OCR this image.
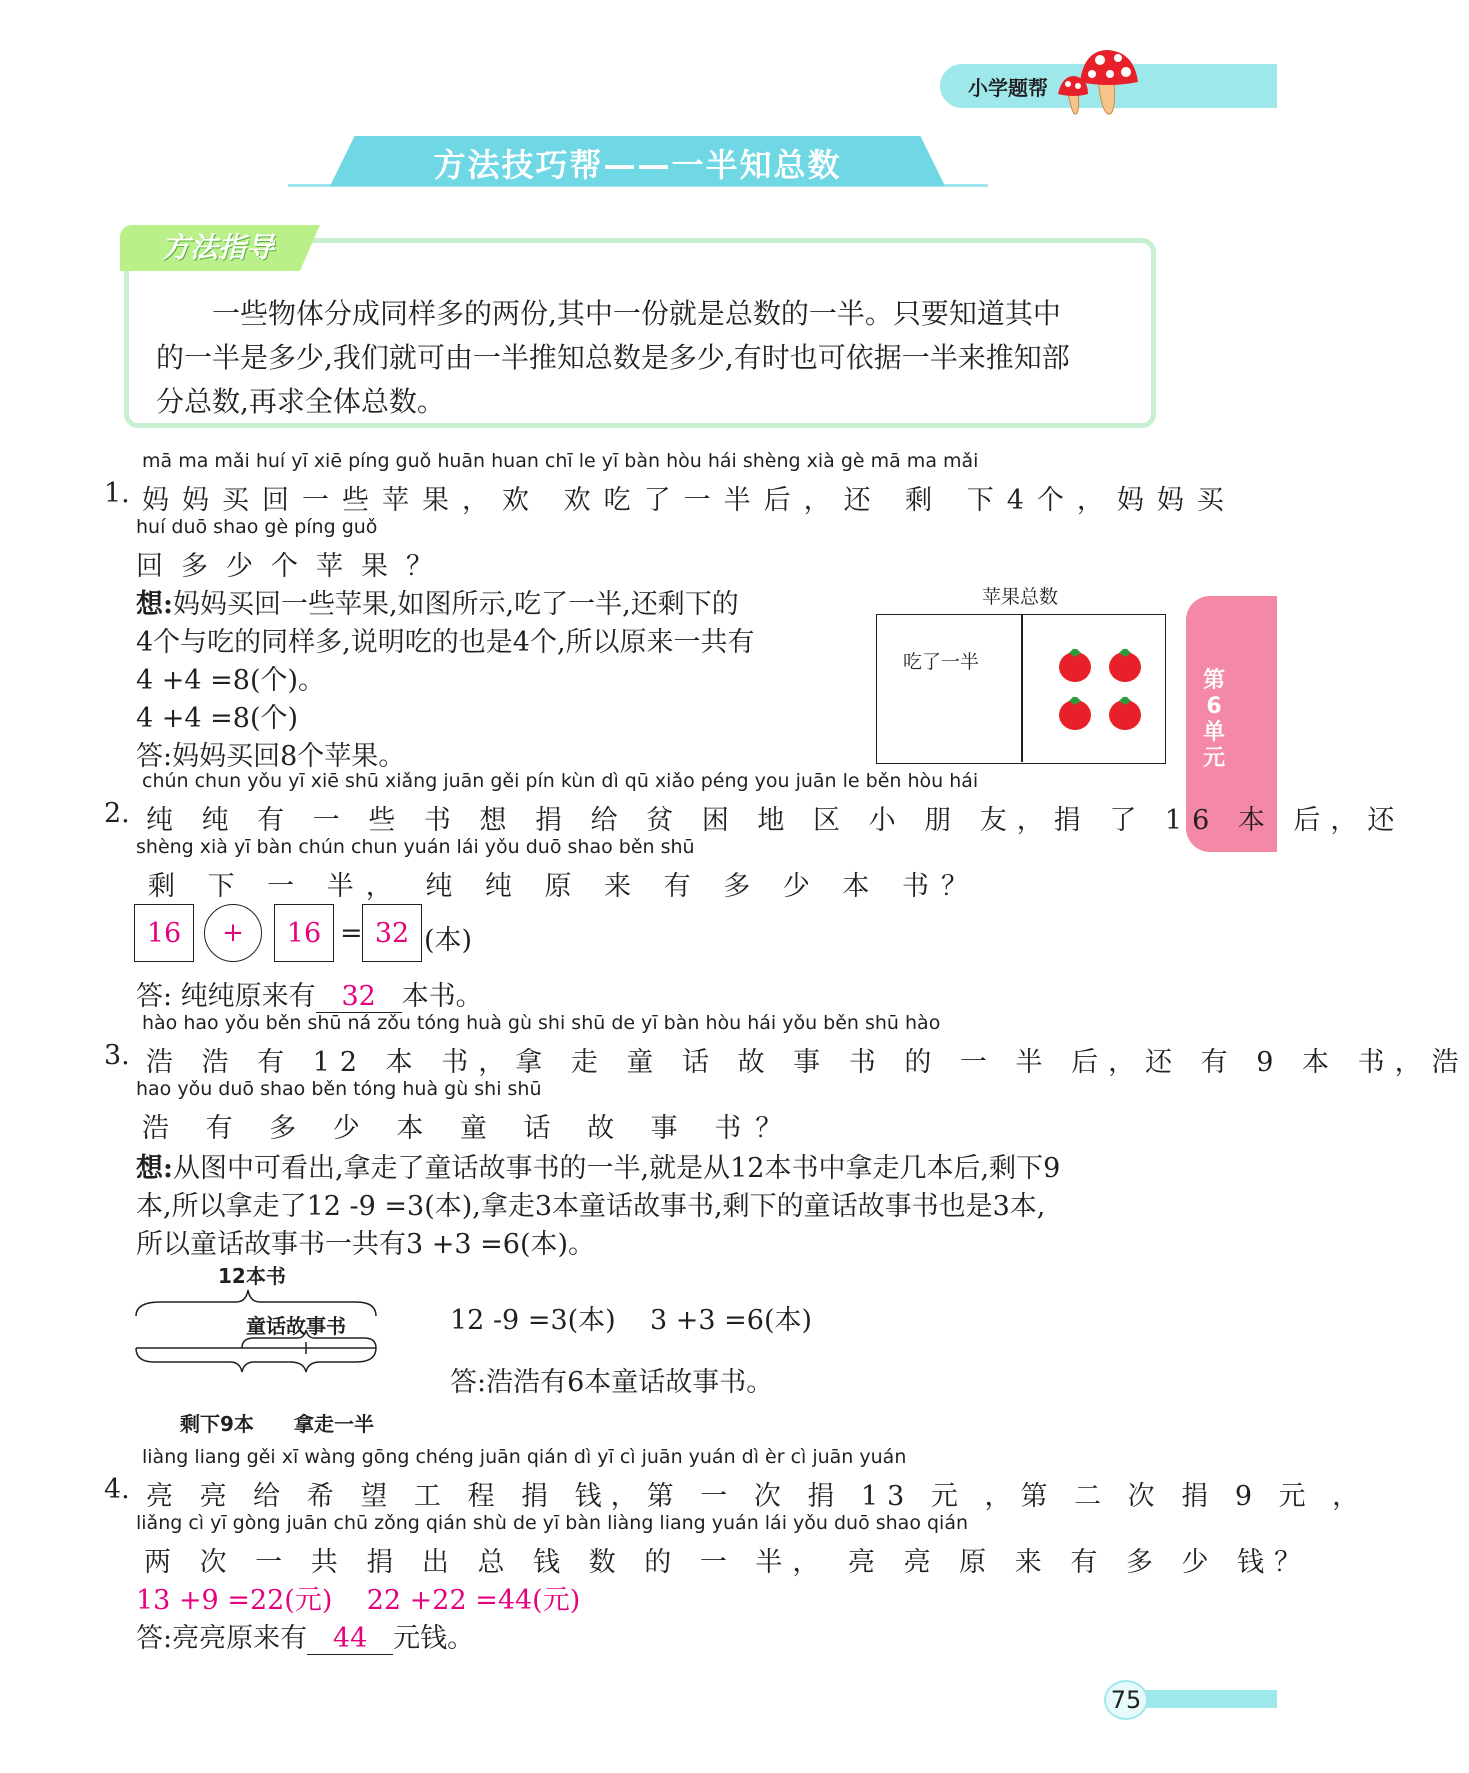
小学题帮
方法技巧帮——一半知总数
方法指导
一些物体分成同样多的两份,其中一份就是总数的一半。只要知道其中
的一半是多少,我们就可由一半推知总数是多少,有时也可依据一半来推知部
分总数,再求全体总数。
第6单元
mā ma mǎi huí yī xiē píng guǒ huān huan chī le yī bàn hòu hái shèng xià gè mā ma mǎi
1. 妈妈买回一些苹果，欢 欢吃了一半后，还 剩 下4个，妈妈买
huí duō shao gè píng guǒ
回多少个苹果？
想:妈妈买回一些苹果,如图所示,吃了一半,还剩下的
4个与吃的同样多,说明吃的也是4个,所以原来一共有
4 +4 =8(个)。
4 +4 =8(个)
答:妈妈买回8个苹果。
苹果总数
吃了一半
chún chun yǒu yī xiē shū xiǎng juān gěi pín kùn dì qū xiǎo péng you juān le běn hòu hái
2. 纯 纯 有 一 些 书 想 捐 给 贫 困 地 区 小 朋 友，捐 了 16 本 后，还
shèng xià yī bàn chún chun yuán lái yǒu duō shao běn shū
剩 下 一 半， 纯 纯 原 来 有 多 少 本 书？
16	+	16 = 32 (本)
答: 纯纯原来有 32 本书。
hào hao yǒu běn shū ná zǒu tóng huà gù shi shū de yī bàn hòu hái yǒu běn shū hào
3. 浩 浩 有 12 本 书，拿 走 童 话 故 事 书 的 一 半 后，还 有 9 本 书，浩
hao yǒu duō shao běn tóng huà gù shi shū
浩 有 多 少 本 童 话 故 事 书？
想:从图中可看出,拿走了童话故事书的一半,就是从12本书中拿走几本后,剩下9
本,所以拿走了12 -9 =3(本),拿走3本童话故事书,剩下的童话故事书也是3本,
所以童话故事书一共有3 +3 =6(本)。
12本书
童话故事书
剩下9本 拿走一半
12 -9 =3(本)    3 +3 =6(本)
答:浩浩有6本童话故事书。
liàng liang gěi xī wàng gōng chéng juān qián dì yī cì juān yuán dì èr cì juān yuán
4. 亮 亮 给 希 望 工 程 捐 钱，第 一 次 捐 13 元 ，第 二 次 捐 9 元 ，
liǎng cì yī gòng juān chū zǒng qián shù de yī bàn liàng liang yuán lái yǒu duō shao qián
两 次 一 共 捐 出 总 钱 数 的 一 半， 亮 亮 原 来 有 多 少 钱？
13 +9 =22(元)    22 +22 =44(元)
答:亮亮原来有 44 元钱。
75
